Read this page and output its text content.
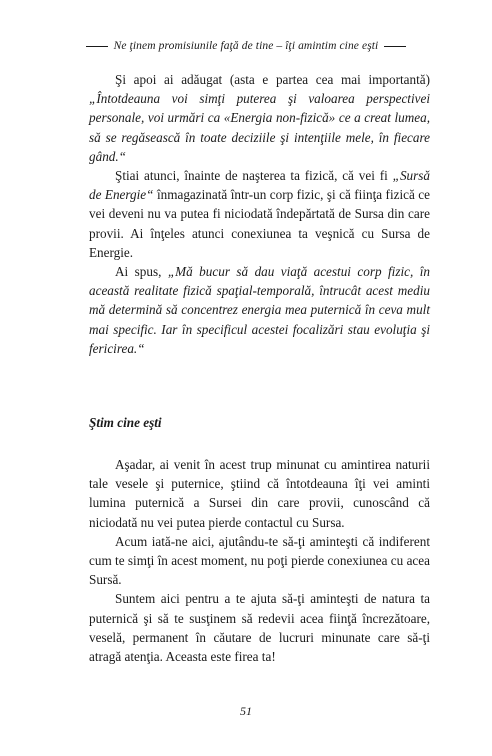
Ne ţinem promisiunile faţă de tine – îţi amintim cine eşti

Şi apoi ai adăugat (asta e partea cea mai importantă) „Întotdeauna voi simţi puterea şi valoarea perspectivei personale, voi urmări ca «Energia non-fizică» ce a creat lumea, să se regăsească în toate deciziile şi intenţiile mele, în fiecare gând.“

Ştiai atunci, înainte de naşterea ta fizică, că vei fi „Sursă de Energie“ înmagazinată într-un corp fizic, şi că fiinţa fizică ce vei deveni nu va putea fi niciodată îndepărtată de Sursa din care provii. Ai înţeles atunci conexiunea ta veşnică cu Sursa de Energie.

Ai spus, „Mă bucur să dau viaţă acestui corp fizic, în această realitate fizică spaţial-temporală, întrucât acest mediu mă determină să concentrez energia mea puternică în ceva mult mai specific. Iar în specificul acestei focalizări stau evoluţia şi fericirea.“

Ştim cine eşti

Aşadar, ai venit în acest trup minunat cu amintirea naturii tale vesele şi puternice, ştiind că întotdeauna îţi vei aminti lumina puternică a Sursei din care provii, cunoscând că niciodată nu vei putea pierde contactul cu Sursa.

Acum iată-ne aici, ajutându-te să-ţi aminteşti că indiferent cum te simţi în acest moment, nu poţi pierde conexiunea cu acea Sursă.

Suntem aici pentru a te ajuta să-ţi aminteşti de natura ta puternică şi să te susţinem să redevii acea fiinţă încrezătoare, veselă, permanent în căutare de lucruri minunate care să-ţi atragă atenţia. Aceasta este firea ta!

51
